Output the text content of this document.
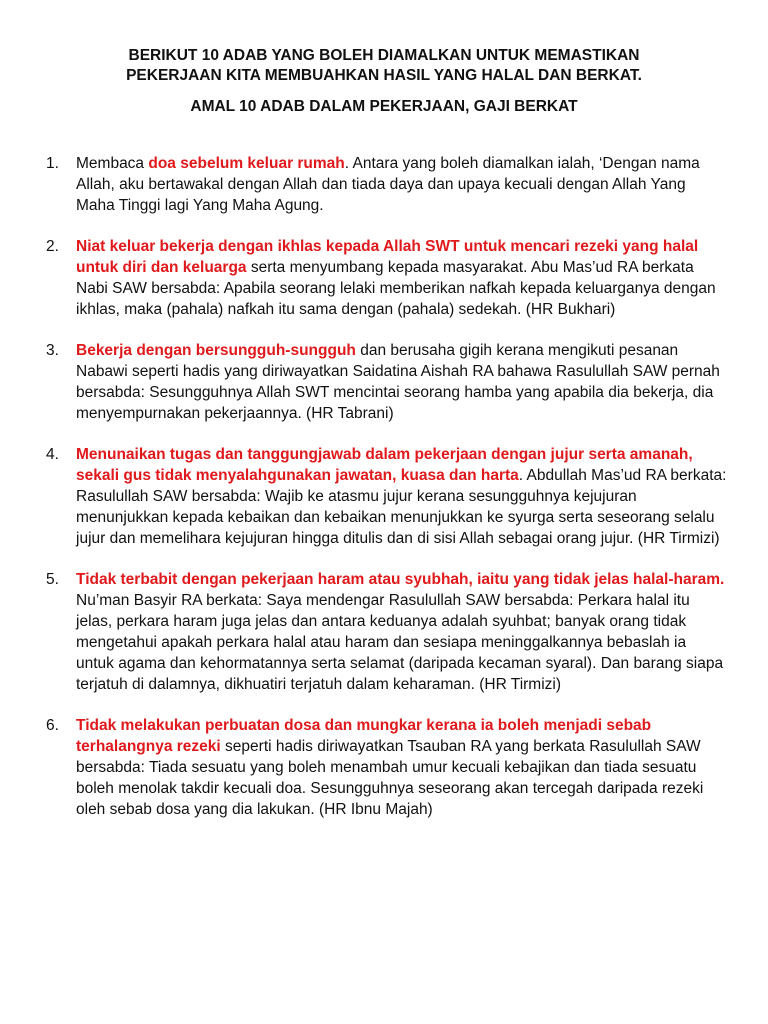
BERIKUT 10 ADAB YANG BOLEH DIAMALKAN UNTUK MEMASTIKAN
PEKERJAAN KITA MEMBUAHKAN HASIL YANG HALAL DAN BERKAT.
AMAL 10 ADAB DALAM PEKERJAAN, GAJI BERKAT
1. Membaca doa sebelum keluar rumah. Antara yang boleh diamalkan ialah, ‘Dengan nama Allah, aku bertawakal dengan Allah dan tiada daya dan upaya kecuali dengan Allah Yang Maha Tinggi lagi Yang Maha Agung.
2. Niat keluar bekerja dengan ikhlas kepada Allah SWT untuk mencari rezeki yang halal untuk diri dan keluarga serta menyumbang kepada masyarakat. Abu Mas’ud RA berkata Nabi SAW bersabda: Apabila seorang lelaki memberikan nafkah kepada keluarganya dengan ikhlas, maka (pahala) nafkah itu sama dengan (pahala) sedekah. (HR Bukhari)
3. Bekerja dengan bersungguh-sungguh dan berusaha gigih kerana mengikuti pesanan Nabawi seperti hadis yang diriwayatkan Saidatina Aishah RA bahawa Rasulullah SAW pernah bersabda: Sesungguhnya Allah SWT mencintai seorang hamba yang apabila dia bekerja, dia menyempurnakan pekerjaannya. (HR Tabrani)
4. Menunaikan tugas dan tanggungjawab dalam pekerjaan dengan jujur serta amanah, sekali gus tidak menyalahgunakan jawatan, kuasa dan harta. Abdullah Mas’ud RA berkata: Rasulullah SAW bersabda: Wajib ke atasmu jujur kerana sesungguhnya kejujuran menunjukkan kepada kebaikan dan kebaikan menunjukkan ke syurga serta seseorang selalu jujur dan memelihara kejujuran hingga ditulis dan di sisi Allah sebagai orang jujur. (HR Tirmizi)
5. Tidak terbabit dengan pekerjaan haram atau syubhah, iaitu yang tidak jelas halal-haram. Nu’man Basyir RA berkata: Saya mendengar Rasulullah SAW bersabda: Perkara halal itu jelas, perkara haram juga jelas dan antara keduanya adalah syuhbat; banyak orang tidak mengetahui apakah perkara halal atau haram dan sesiapa meninggalkannya bebaslah ia untuk agama dan kehormatannya serta selamat (daripada kecaman syaral). Dan barang siapa terjatuh di dalamnya, dikhuatiri terjatuh dalam keharaman. (HR Tirmizi)
6. Tidak melakukan perbuatan dosa dan mungkar kerana ia boleh menjadi sebab terhalangnya rezeki seperti hadis diriwayatkan Tsauban RA yang berkata Rasulullah SAW bersabda: Tiada sesuatu yang boleh menambah umur kecuali kebajikan dan tiada sesuatu boleh menolak takdir kecuali doa. Sesungguhnya seseorang akan tercegah daripada rezeki oleh sebab dosa yang dia lakukan. (HR Ibnu Majah)
